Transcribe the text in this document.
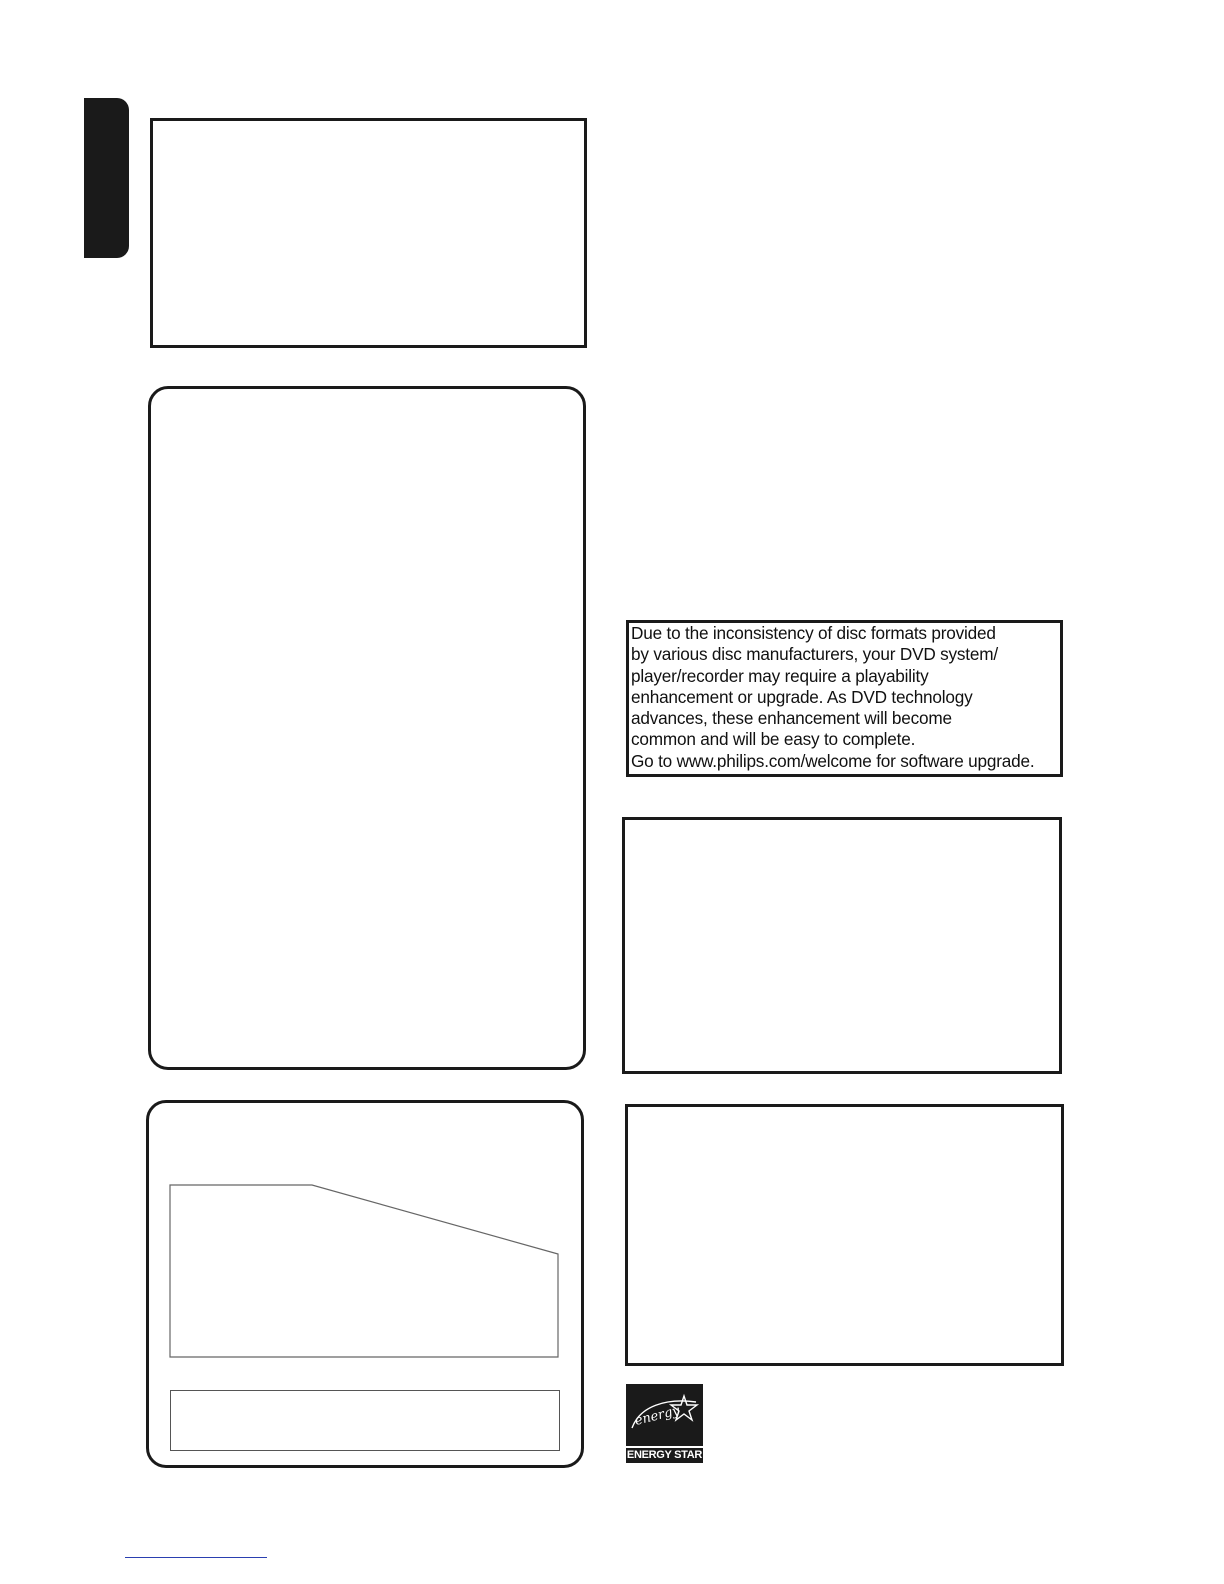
Due to the inconsistency of disc formats provided
by various disc manufacturers, your DVD system/
player/recorder may require a playability
enhancement or upgrade. As DVD technology
advances, these enhancement will become
common and will be easy to complete.
Go to www.philips.com/welcome for software upgrade.
energy
ENERGY STAR
